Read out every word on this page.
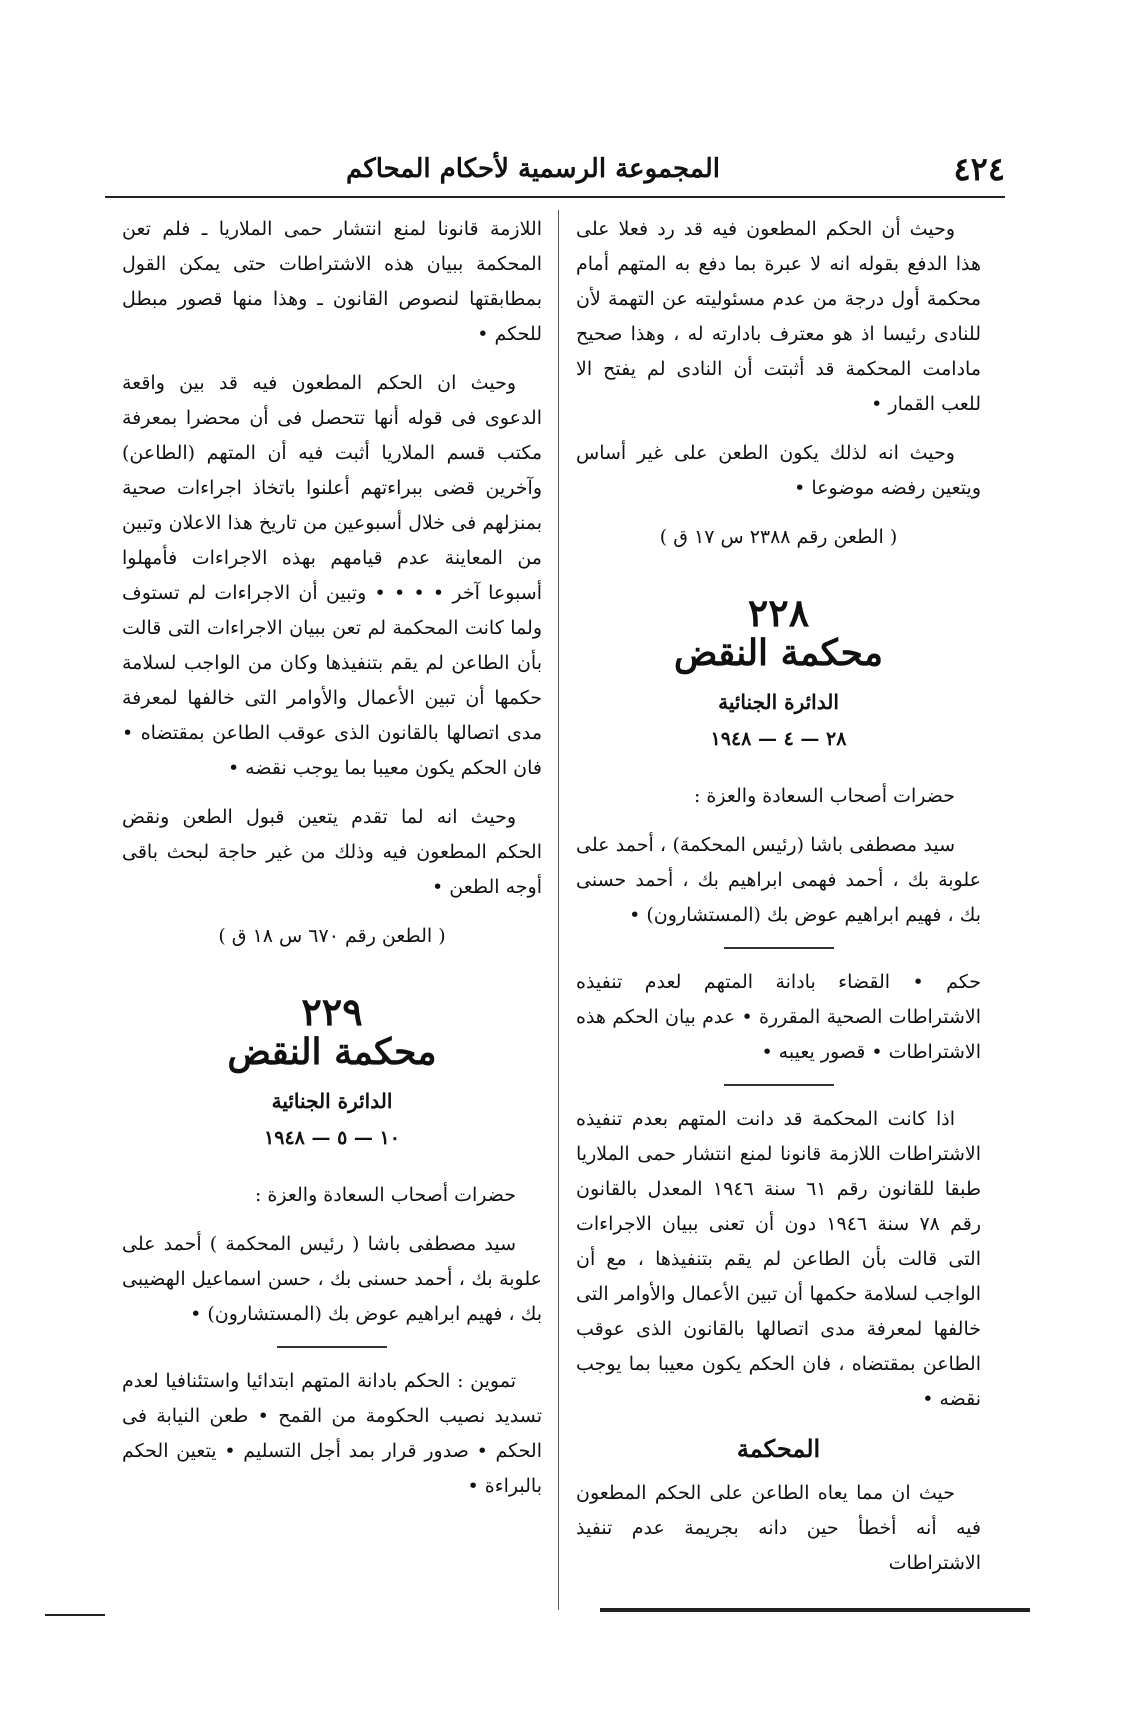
٤٢٤
المجموعة الرسمية لأحكام المحاكم

وحيث أن الحكم المطعون فيه قد رد فعلا على هذا الدفع بقوله انه لا عبرة بما دفع به المتهم أمام محكمة أول درجة من عدم مسئوليته عن التهمة لأن للنادى رئيسا اذ هو معترف بادارته له ، وهذا صحيح مادامت المحكمة قد أثبتت أن النادى لم يفتح الا للعب القمار •

وحيث انه لذلك يكون الطعن على غير أساس ويتعين رفضه موضوعا •

( الطعن رقم ٢٣٨٨ س ١٧ ق )
٢٢٨
محكمة النقض
الدائرة الجنائية
٢٨ — ٤ — ١٩٤٨

حضرات أصحاب السعادة والعزة :

سيد مصطفى باشا (رئيس المحكمة) ، أحمد على علوبة بك ، أحمد فهمى ابراهيم بك ، أحمد حسنى بك ، فهيم ابراهيم عوض بك (المستشارون) •

حكم • القضاء بادانة المتهم لعدم تنفيذه الاشتراطات الصحية المقررة • عدم بيان الحكم هذه الاشتراطات • قصور يعيبه •

اذا كانت المحكمة قد دانت المتهم بعدم تنفيذه الاشتراطات اللازمة قانونا لمنع انتشار حمى الملاريا طبقا للقانون رقم ٦١ سنة ١٩٤٦ المعدل بالقانون رقم ٧٨ سنة ١٩٤٦ دون أن تعنى ببيان الاجراءات التى قالت بأن الطاعن لم يقم بتنفيذها ، مع أن الواجب لسلامة حكمها أن تبين الأعمال والأوامر التى خالفها لمعرفة مدى اتصالها بالقانون الذى عوقب الطاعن بمقتضاه ، فان الحكم يكون معيبا بما يوجب نقضه •

المحكمة

حيث ان مما يعاه الطاعن على الحكم المطعون فيه أنه أخطأ حين دانه بجريمة عدم تنفيذ الاشتراطات

اللازمة قانونا لمنع انتشار حمى الملاريا ـ فلم تعن المحكمة ببيان هذه الاشتراطات حتى يمكن القول بمطابقتها لنصوص القانون ـ وهذا منها قصور مبطل للحكم •

وحيث ان الحكم المطعون فيه قد بين واقعة الدعوى فى قوله أنها تتحصل فى أن محضرا بمعرفة مكتب قسم الملاريا أثبت فيه أن المتهم (الطاعن) وآخرين قضى ببراءتهم أعلنوا باتخاذ اجراءات صحية بمنزلهم فى خلال أسبوعين من تاريخ هذا الاعلان وتبين من المعاينة عدم قيامهم بهذه الاجراءات فأمهلوا أسبوعا آخر • • • • وتبين أن الاجراءات لم تستوف ولما كانت المحكمة لم تعن ببيان الاجراءات التى قالت بأن الطاعن لم يقم بتنفيذها وكان من الواجب لسلامة حكمها أن تبين الأعمال والأوامر التى خالفها لمعرفة مدى اتصالها بالقانون الذى عوقب الطاعن بمقتضاه • فان الحكم يكون معيبا بما يوجب نقضه •

وحيث انه لما تقدم يتعين قبول الطعن ونقض الحكم المطعون فيه وذلك من غير حاجة لبحث باقى أوجه الطعن •

( الطعن رقم ٦٧٠ س ١٨ ق )
٢٢٩
محكمة النقض
الدائرة الجنائية
١٠ — ٥ — ١٩٤٨

حضرات أصحاب السعادة والعزة :

سيد مصطفى باشا ( رئيس المحكمة ) أحمد على علوبة بك ، أحمد حسنى بك ، حسن اسماعيل الهضيبى بك ، فهيم ابراهيم عوض بك (المستشارون) •

تموين : الحكم بادانة المتهم ابتدائيا واستئنافيا لعدم تسديد نصيب الحكومة من القمح • طعن النيابة فى الحكم • صدور قرار بمد أجل التسليم • يتعين الحكم بالبراءة •
